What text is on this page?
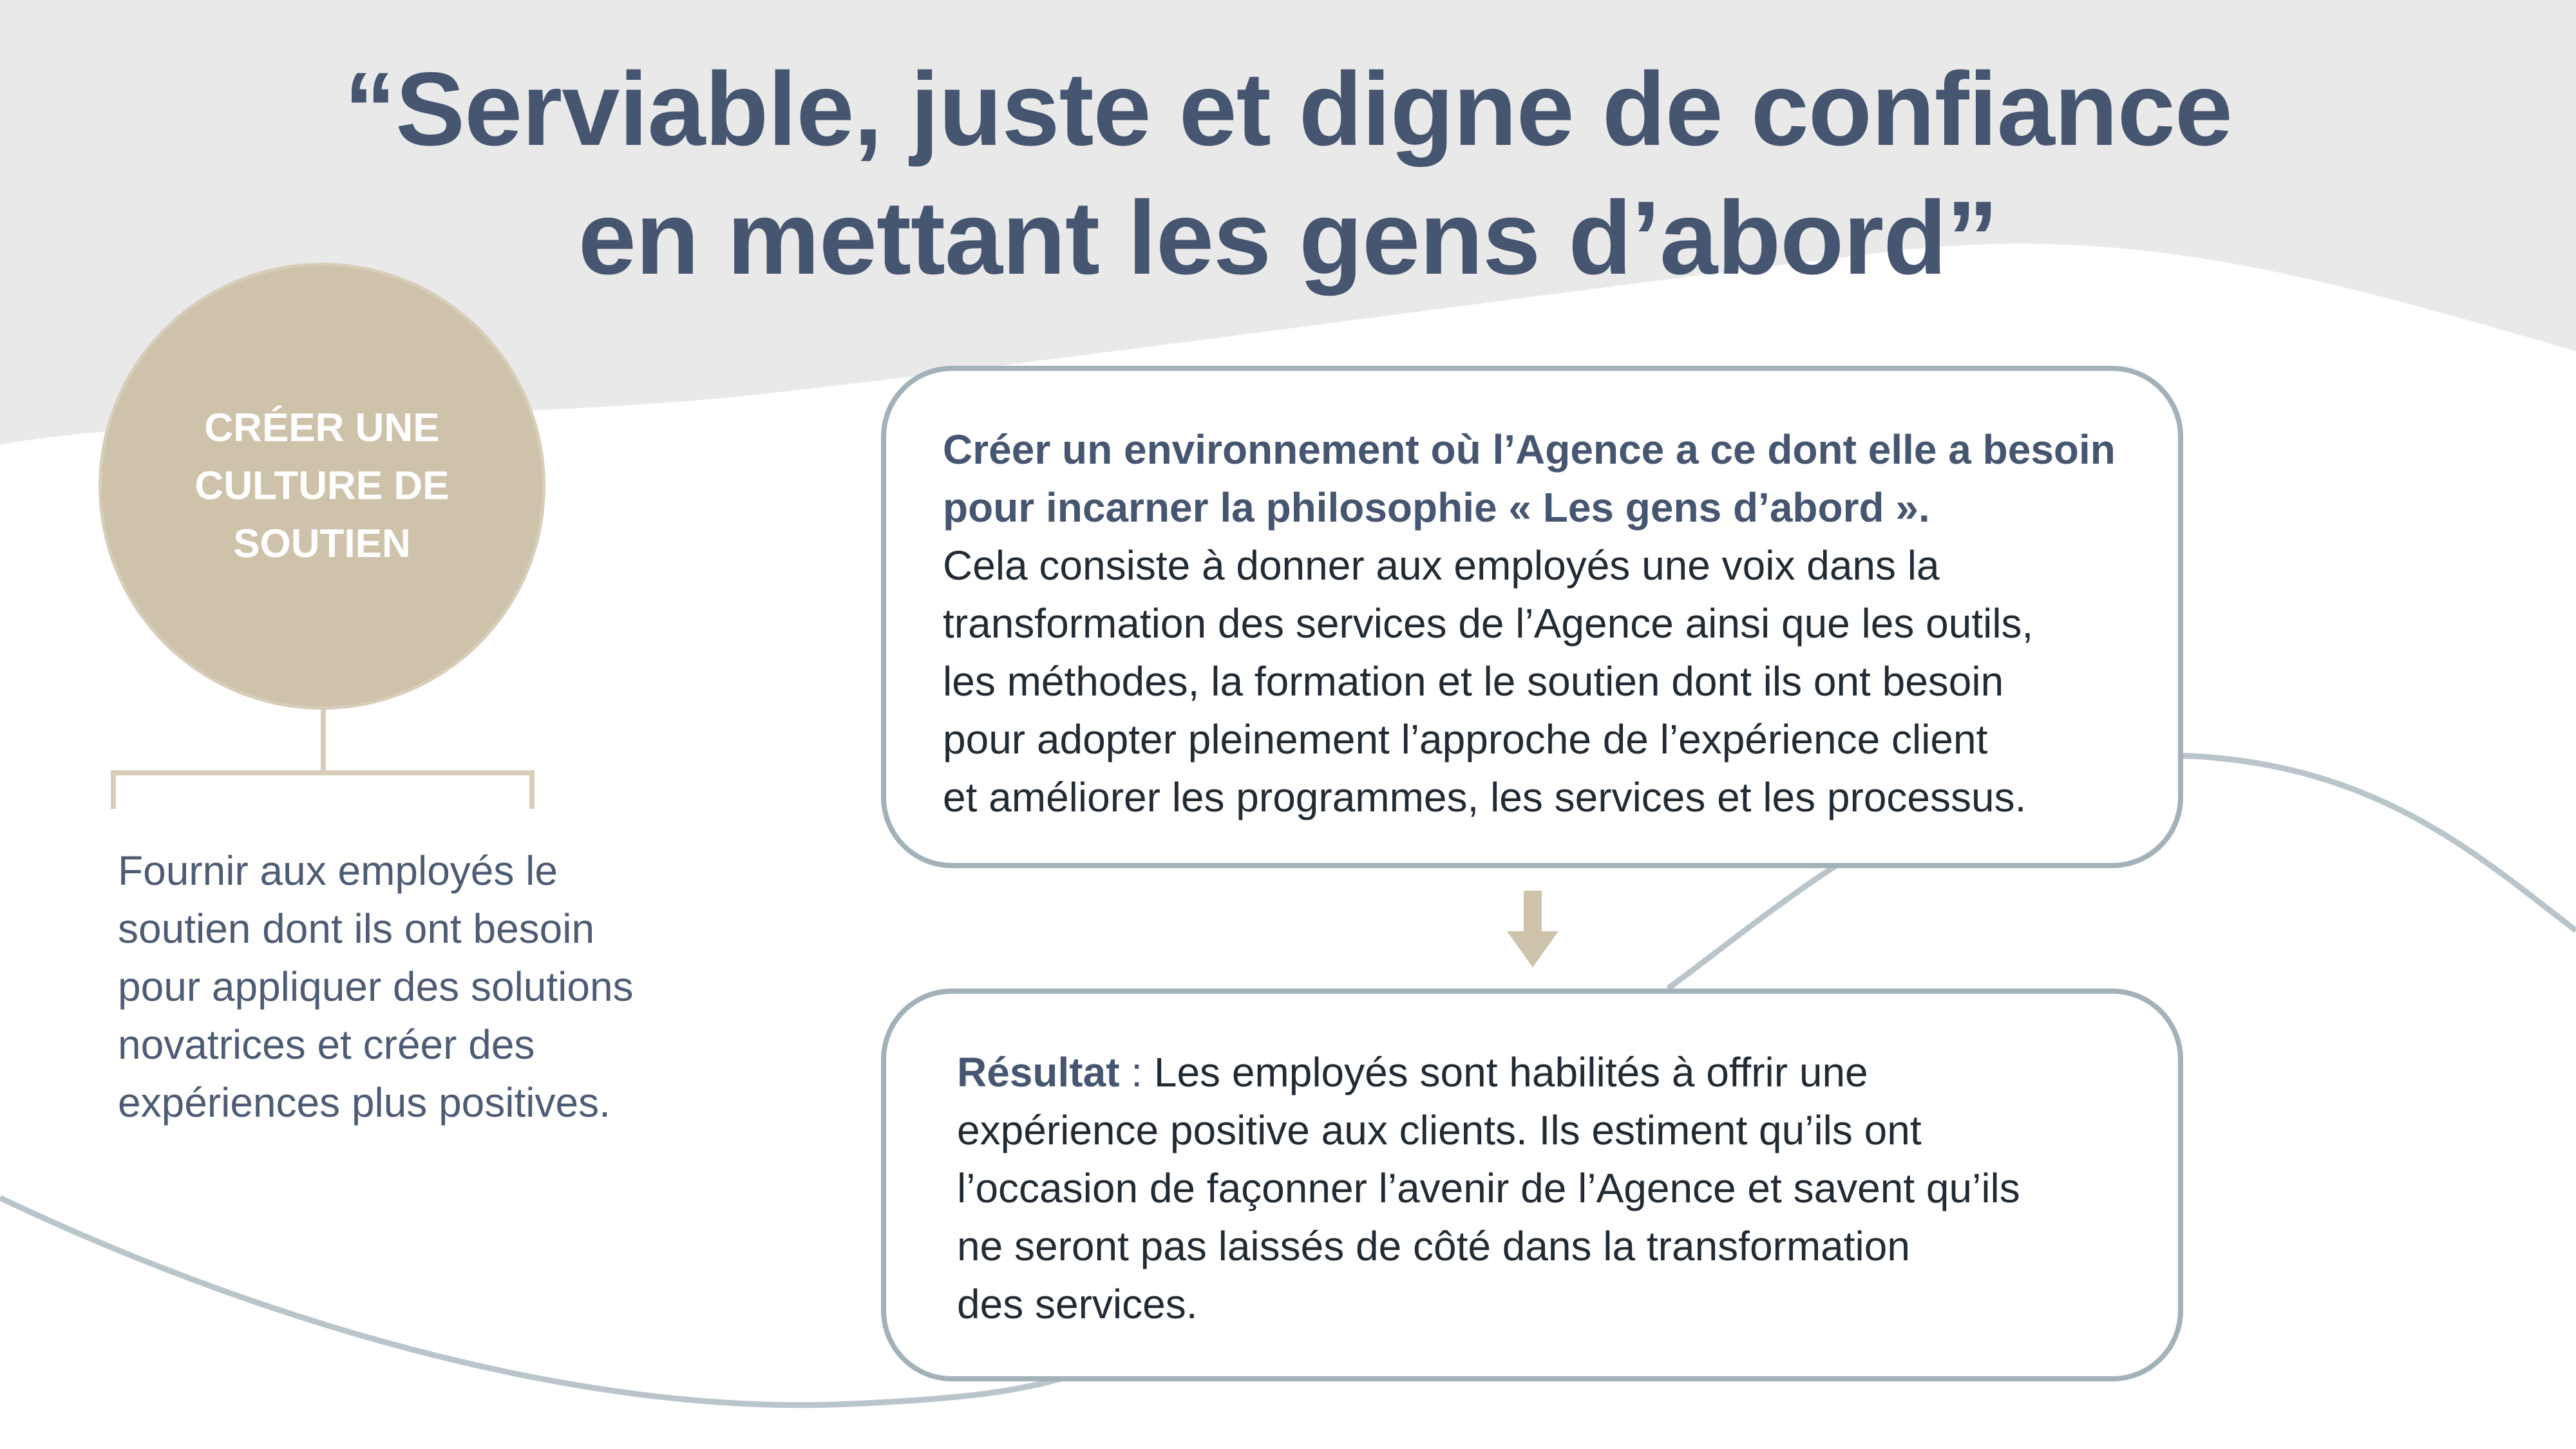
“Serviable, juste et digne de confiance
en mettant les gens d’abord”
CRÉER UNE
CULTURE DE
SOUTIEN
Fournir aux employés le
soutien dont ils ont besoin
pour appliquer des solutions
novatrices et créer des
expériences plus positives.
Créer un environnement où l’Agence a ce dont elle a besoin
pour incarner la philosophie « Les gens d’abord ».
Cela consiste à donner aux employés une voix dans la
transformation des services de l’Agence ainsi que les outils,
les méthodes, la formation et le soutien dont ils ont besoin
pour adopter pleinement l’approche de l’expérience client
et améliorer les programmes, les services et les processus.
Résultat : Les employés sont habilités à offrir une
expérience positive aux clients. Ils estiment qu’ils ont
l’occasion de façonner l’avenir de l’Agence et savent qu’ils
ne seront pas laissés de côté dans la transformation
des services.
